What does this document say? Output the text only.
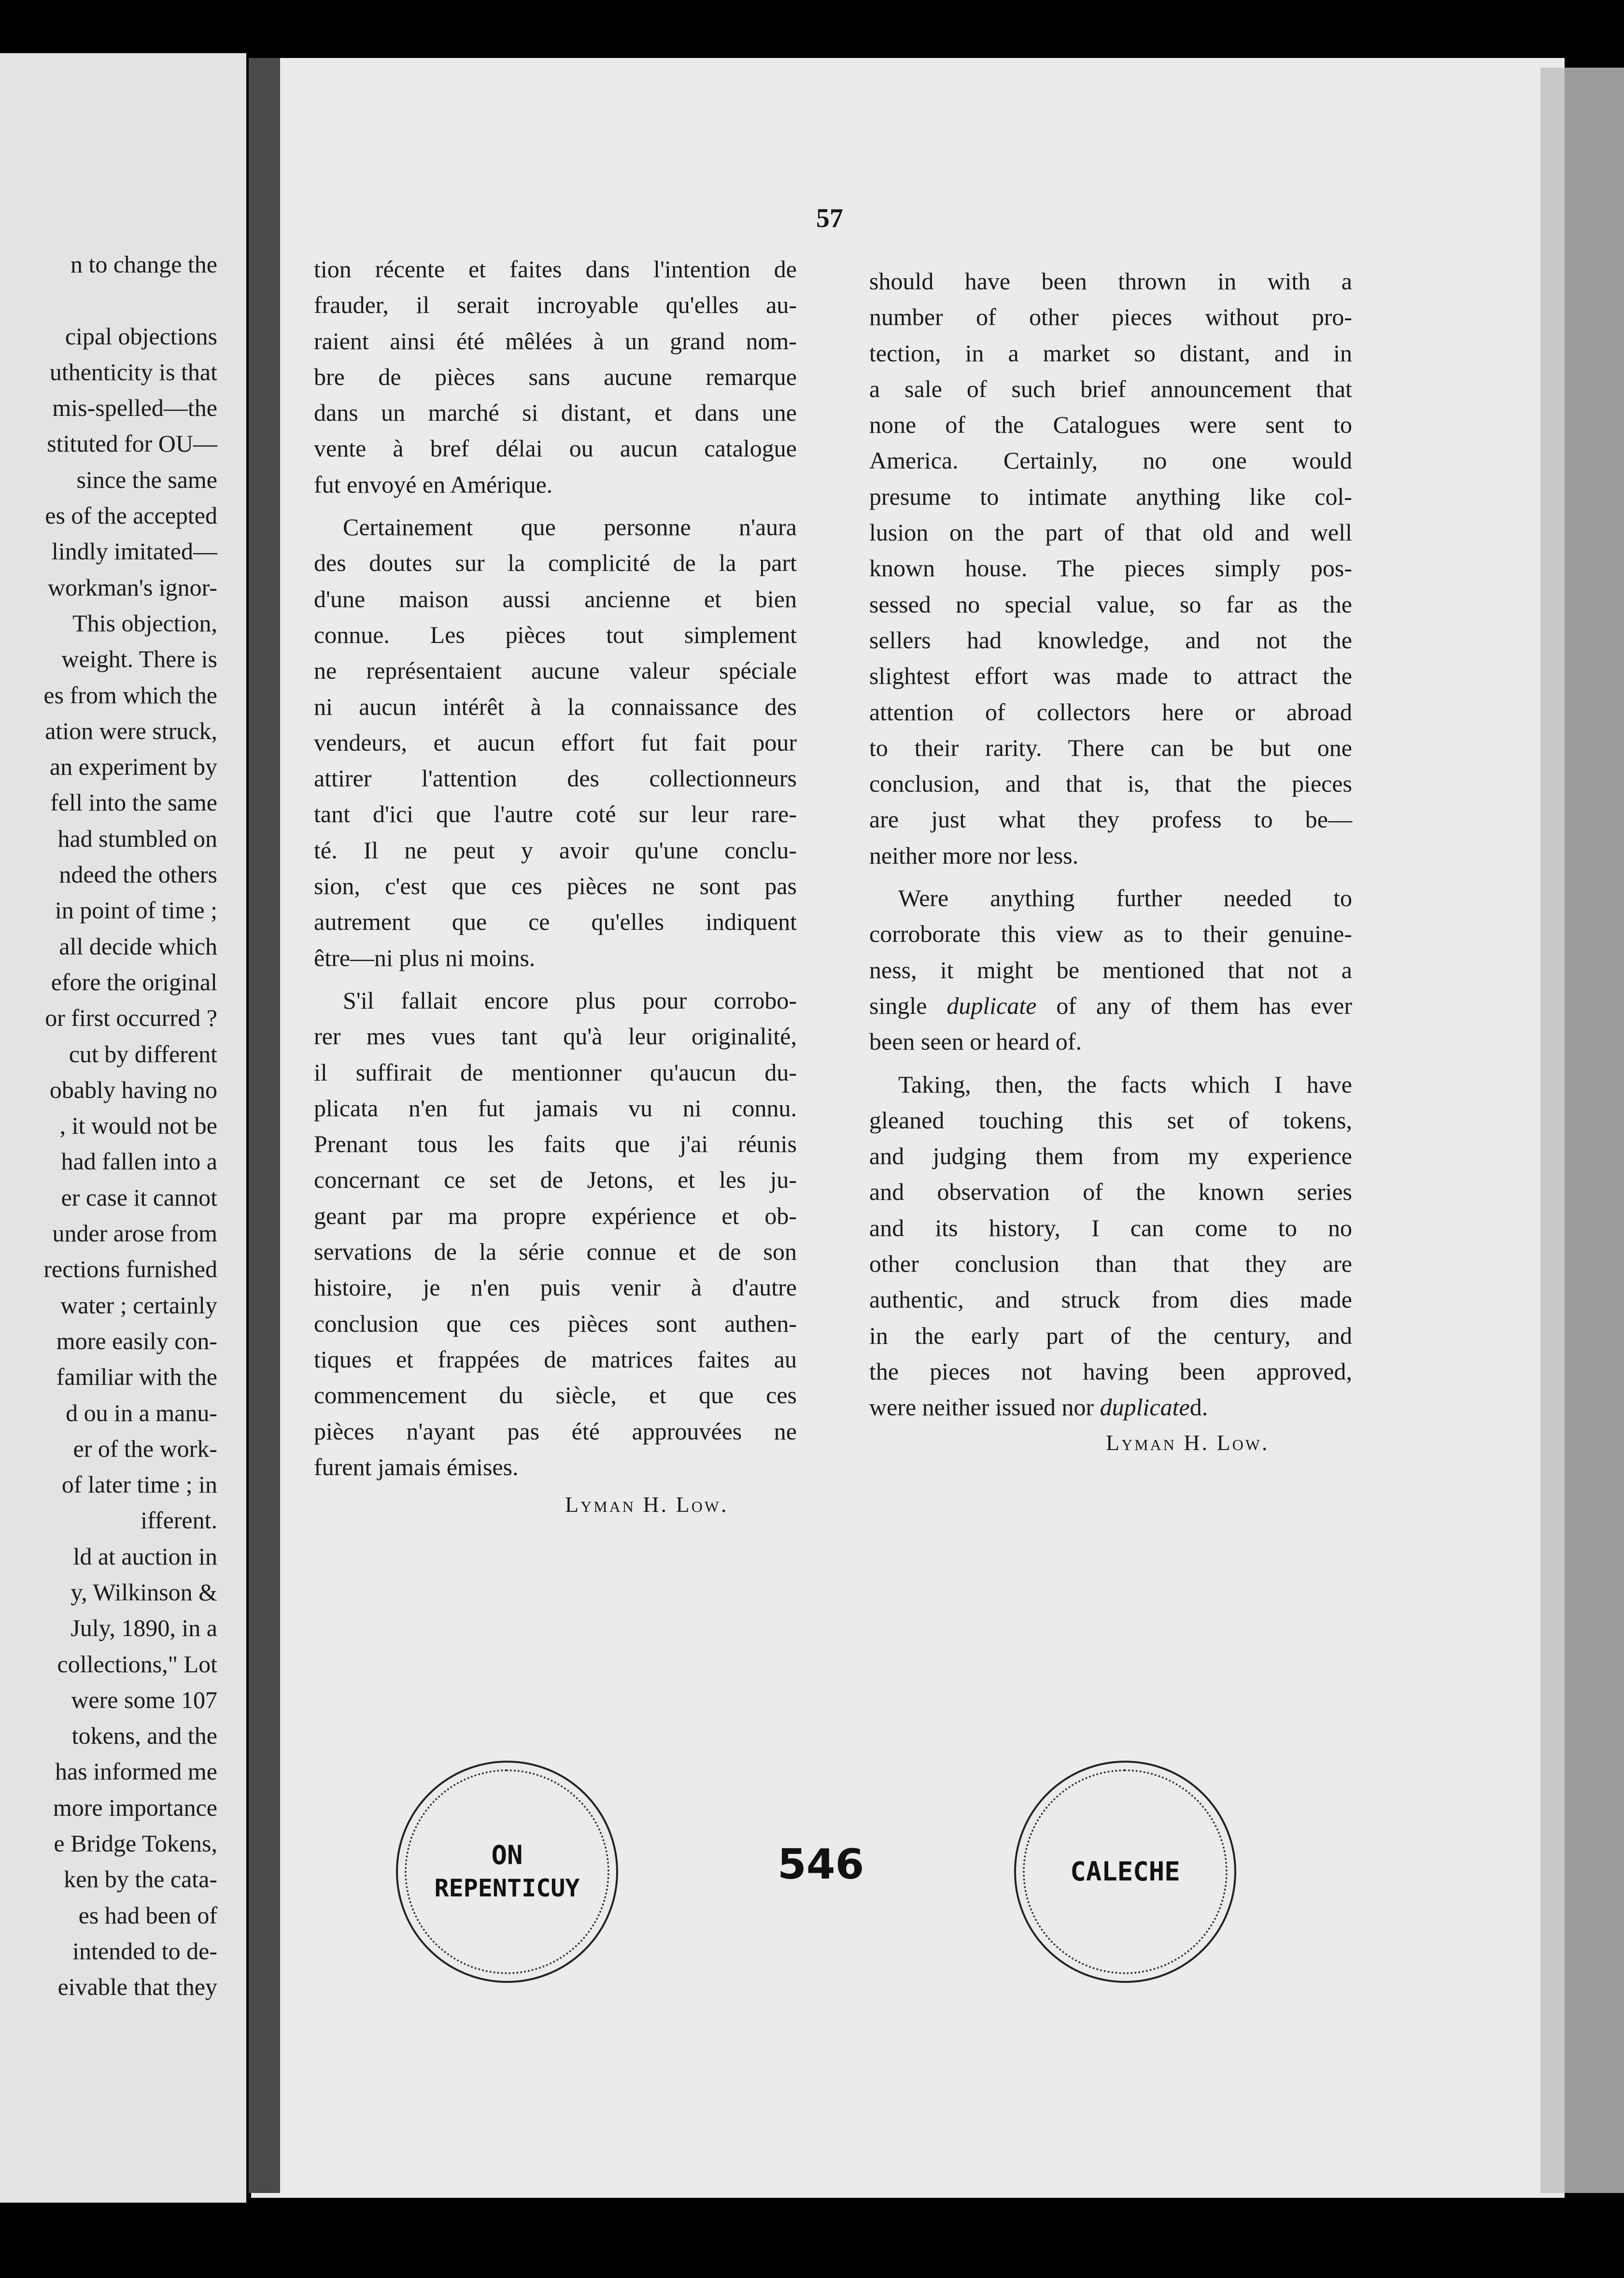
57
n to change the

cipal objections
uthenticity is that
mis-spelled—the
stituted for OU—
since the same
es of the accepted
lindly imitated—
workman's ignor-
This objection,
weight. There is
es from which the
ation were struck,
an experiment by
fell into the same
had stumbled on
ndeed the others
in point of time ;
all decide which
efore the original
or first occurred ?
cut by different
obably having no
, it would not be
had fallen into a
er case it cannot
under arose from
rections furnished
water ; certainly
more easily con-
familiar with the
d ou in a manu-
er of the work-
of later time ; in
ifferent.
ld at auction in
y, Wilkinson &
July, 1890, in a
collections," Lot
were some 107
tokens, and the
has informed me
more importance
e Bridge Tokens,
ken by the cata-
es had been of
intended to de-
eivable that they

tion récente et faites dans l'intention de
frauder, il serait incroyable qu'elles au-
raient ainsi été mêlées à un grand nom-
bre de pièces sans aucune remarque
dans un marché si distant, et dans une
vente à bref délai ou aucun catalogue
fut envoyé en Amérique.

Certainement que personne n'aura
des doutes sur la complicité de la part
d'une maison aussi ancienne et bien
connue. Les pièces tout simplement
ne représentaient aucune valeur spéciale
ni aucun intérêt à la connaissance des
vendeurs, et aucun effort fut fait pour
attirer l'attention des collectionneurs
tant d'ici que l'autre coté sur leur rare-
té. Il ne peut y avoir qu'une conclu-
sion, c'est que ces pièces ne sont pas
autrement que ce qu'elles indiquent
être—ni plus ni moins.

S'il fallait encore plus pour corrobo-
rer mes vues tant qu'à leur originalité,
il suffirait de mentionner qu'aucun du-
plicata n'en fut jamais vu ni connu.
Prenant tous les faits que j'ai réunis
concernant ce set de Jetons, et les ju-
geant par ma propre expérience et ob-
servations de la série connue et de son
histoire, je n'en puis venir à d'autre
conclusion que ces pièces sont authen-
tiques et frappées de matrices faites au
commencement du siècle, et que ces
pièces n'ayant pas été approuvées ne
furent jamais émises.

Lyman H. Low.

should have been thrown in with a
number of other pieces without pro-
tection, in a market so distant, and in
a sale of such brief announcement that
none of the Catalogues were sent to
America. Certainly, no one would
presume to intimate anything like col-
lusion on the part of that old and well
known house. The pieces simply pos-
sessed no special value, so far as the
sellers had knowledge, and not the
slightest effort was made to attract the
attention of collectors here or abroad
to their rarity. There can be but one
conclusion, and that is, that the pieces
are just what they profess to be—
neither more nor less.

Were anything further needed to
corroborate this view as to their genuine-
ness, it might be mentioned that not a
single duplicate of any of them has ever
been seen or heard of.

Taking, then, the facts which I have
gleaned touching this set of tokens,
and judging them from my experience
and observation of the known series
and its history, I can come to no
other conclusion than that they are
authentic, and struck from dies made
in the early part of the century, and
the pieces not having been approved,
were neither issued nor duplicated.

Lyman H. Low.
ON
REPENTICUY	546	CALECHE
